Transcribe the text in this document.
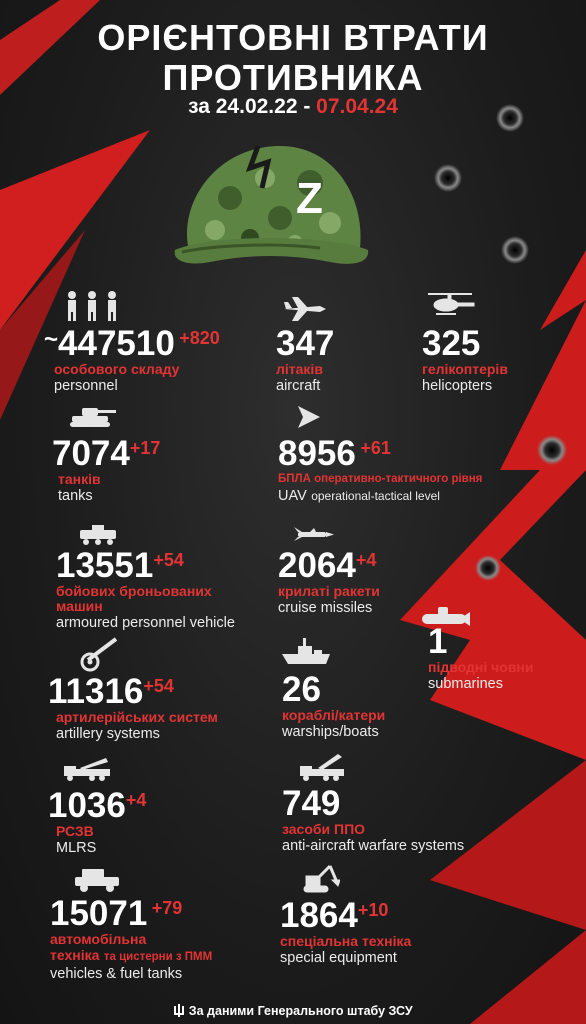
ОРІЄНТОВНІ ВТРАТИ
ПРОТИВНИКА
за 24.02.22 - 07.04.24
Z
~447510 +820
особового складу
personnel
7074+17
танків
tanks
13551+54
бойових броньованих
машин
armoured personnel vehicle
11316+54
артилерійських систем
artillery systems
1036+4
РСЗВ
MLRS
15071 +79
автомобільна
техніка та цистерни з ПММ
vehicles & fuel tanks
347
літаків
aircraft
8956 +61
БПЛА оперативно-тактичного рівня
UAV operational-tactical level
2064+4
крилаті ракети
cruise missiles
26
кораблі/катери
warships/boats
749
засоби ППО
anti-aircraft warfare systems
1864+10
спеціальна техніка
special equipment
325
гелікоптерів
helicopters
1
підводні човни
submarines
За даними Генерального штабу ЗСУ
